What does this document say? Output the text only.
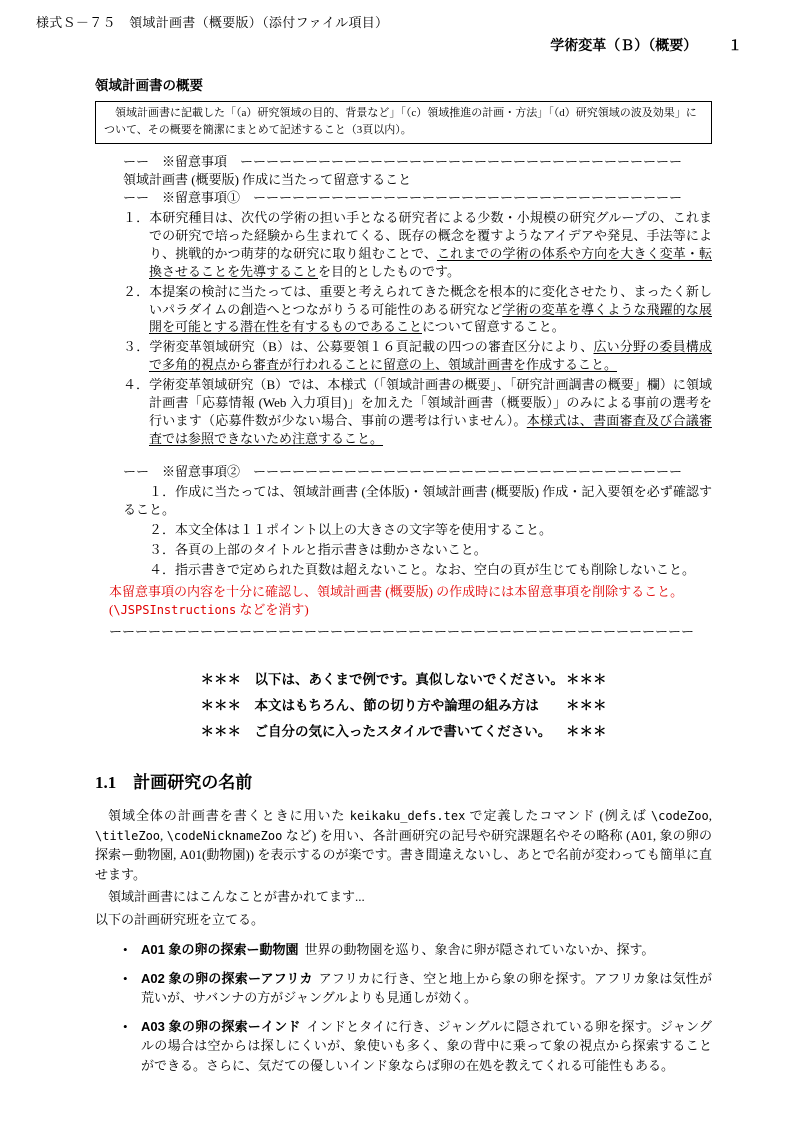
様式Ｓ－７５　領域計画書（概要版）（添付ファイル項目）
学術変革（Ｂ）（概要） １
領域計画書の概要
領域計画書に記載した「（a）研究領域の目的、背景など」「（c）領域推進の計画・方法」「（d）研究領域の波及効果」について、その概要を簡潔にまとめて記述すること（3頁以内）。
ーー　※留意事項　ーーーーーーーーーーーーーーーーーーーーーーーーーーーーーーーーーー
領域計画書 (概要版) 作成に当たって留意すること
ーー　※留意事項①　ーーーーーーーーーーーーーーーーーーーーーーーーーーーーーーーーー
１．本研究種目は、次代の学術の担い手となる研究者による少数・小規模の研究グループの、これまでの研究で培った経験から生まれてくる、既存の概念を覆すようなアイデアや発見、手法等により、挑戦的かつ萌芽的な研究に取り組むことで、これまでの学術の体系や方向を大きく変革・転換させることを先導することを目的としたものです。
２．本提案の検討に当たっては、重要と考えられてきた概念を根本的に変化させたり、まったく新しいパラダイムの創造へとつながりうる可能性のある研究など学術の変革を導くような飛躍的な展開を可能とする潜在性を有するものであることについて留意すること。
３．学術変革領域研究（B）は、公募要領１６頁記載の四つの審査区分により、広い分野の委員構成で多角的視点から審査が行われることに留意の上、領域計画書を作成すること。
４．学術変革領域研究（B）では、本様式（「領域計画書の概要」、「研究計画調書の概要」欄）に領域計画書「応募情報 (Web 入力項目)」を加えた「領域計画書（概要版）」のみによる事前の選考を行います（応募件数が少ない場合、事前の選考は行いません）。本様式は、書面審査及び合議審査では参照できないため注意すること。
ーー　※留意事項②　ーーーーーーーーーーーーーーーーーーーーーーーーーーーーーーーーー
１．作成に当たっては、領域計画書 (全体版)・領域計画書 (概要版) 作成・記入要領を必ず確認すること。
２．本文全体は１１ポイント以上の大きさの文字等を使用すること。
３．各頁の上部のタイトルと指示書きは動かさないこと。
４．指示書きで定められた頁数は超えないこと。なお、空白の頁が生じても削除しないこと。
本留意事項の内容を十分に確認し、領域計画書 (概要版) の作成時には本留意事項を削除すること。
(\JSPSInstructions などを消す)
ーーーーーーーーーーーーーーーーーーーーーーーーーーーーーーーーーーーーーーーーーーーーー
＊＊＊ 以下は、あくまで例です。真似しないでください。 ＊＊＊
＊＊＊ 本文はもちろん、節の切り方や論理の組み方は	＊＊＊
＊＊＊ ご自分の気に入ったスタイルで書いてください。	＊＊＊
1.1 計画研究の名前
領域全体の計画書を書くときに用いた keikaku_defs.tex で定義したコマンド (例えば \codeZoo, \titleZoo, \codeNicknameZoo など) を用い、各計画研究の記号や研究課題名やその略称 (A01, 象の卵の探索ー動物園, A01(動物園)) を表示するのが楽です。書き間違えないし、あとで名前が変わっても簡単に直せます。
領域計画書にはこんなことが書かれてます...
以下の計画研究班を立てる。
•	A01 象の卵の探索ー動物園 世界の動物園を巡り、象舎に卵が隠されていないか、探す。
•	A02 象の卵の探索ーアフリカ アフリカに行き、空と地上から象の卵を探す。アフリカ象は気性が荒いが、サバンナの方がジャングルよりも見通しが効く。
•	A03 象の卵の探索ーインド インドとタイに行き、ジャングルに隠されている卵を探す。ジャングルの場合は空からは探しにくいが、象使いも多く、象の背中に乗って象の視点から探索することができる。さらに、気だての優しいインド象ならば卵の在処を教えてくれる可能性もある。
